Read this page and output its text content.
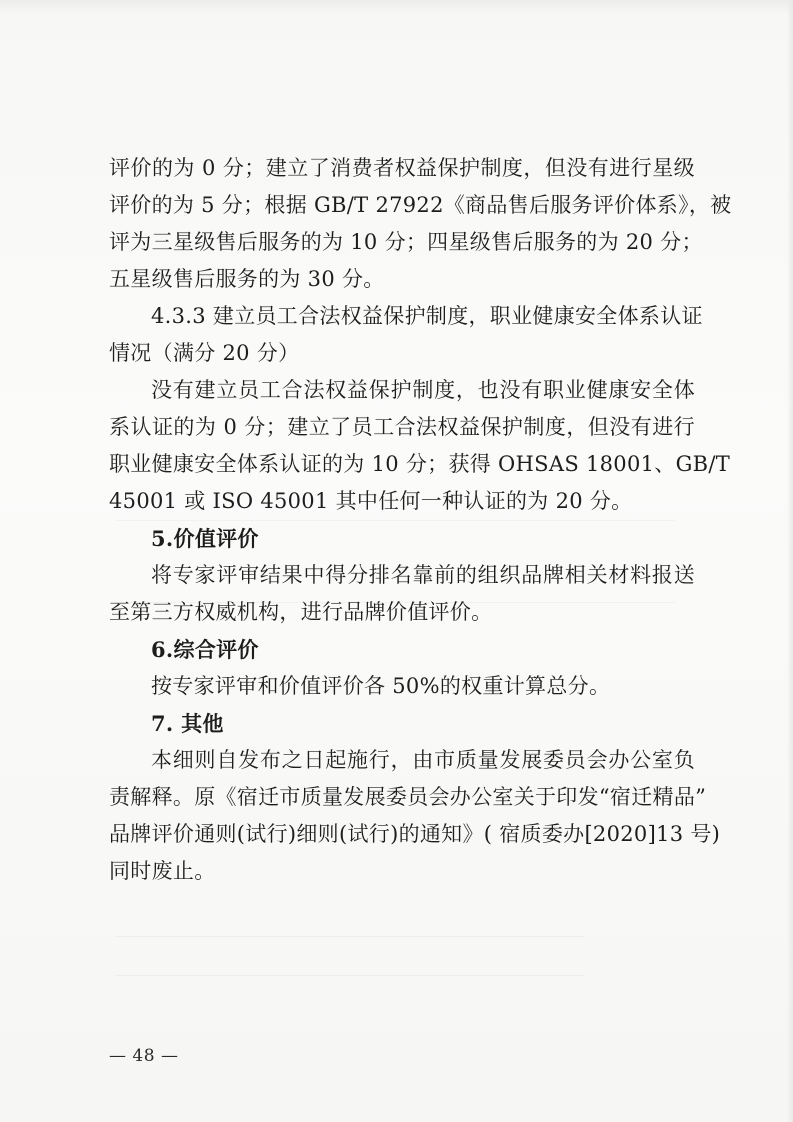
评价的为 0 分；建立了消费者权益保护制度，但没有进行星级
评价的为 5 分；根据 GB/T 27922《商品售后服务评价体系》，被
评为三星级售后服务的为 10 分；四星级售后服务的为 20 分；
五星级售后服务的为 30 分。
4.3.3 建立员工合法权益保护制度，职业健康安全体系认证
情况（满分 20 分）
没有建立员工合法权益保护制度，也没有职业健康安全体
系认证的为 0 分；建立了员工合法权益保护制度，但没有进行
职业健康安全体系认证的为 10 分；获得 OHSAS 18001、GB/T
45001 或 ISO 45001 其中任何一种认证的为 20 分。
5.价值评价
将专家评审结果中得分排名靠前的组织品牌相关材料报送
至第三方权威机构，进行品牌价值评价。
6.综合评价
按专家评审和价值评价各 50%的权重计算总分。
7. 其他
本细则自发布之日起施行，由市质量发展委员会办公室负
责解释。原《宿迁市质量发展委员会办公室关于印发“宿迁精品”
品牌评价通则(试行)细则(试行)的通知》( 宿质委办[2020]13 号)
同时废止。
— 48 —
